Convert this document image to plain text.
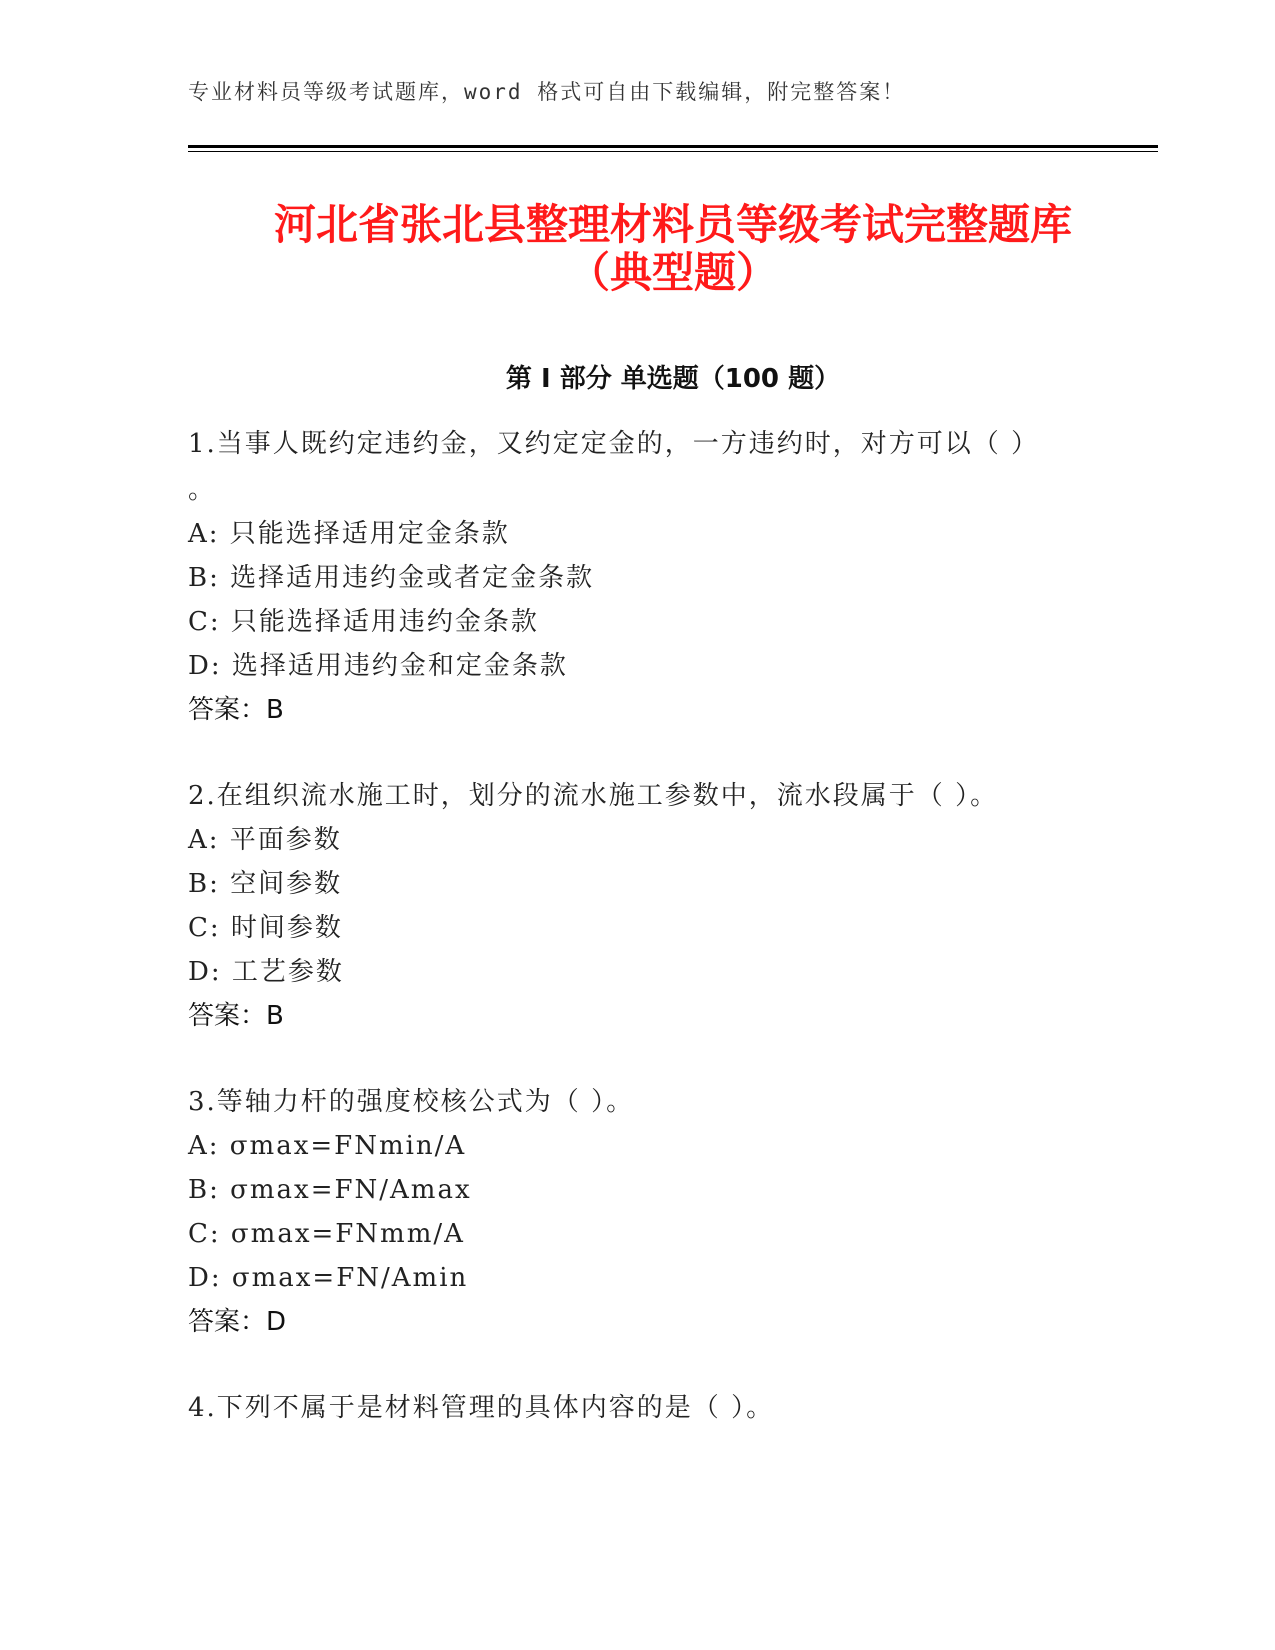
专业材料员等级考试题库，word 格式可自由下载编辑，附完整答案！
河北省张北县整理材料员等级考试完整题库
（典型题）
第 I 部分 单选题（100 题）
1.当事人既约定违约金，又约定定金的，一方违约时，对方可以（ ）
。
A: 只能选择适用定金条款
B: 选择适用违约金或者定金条款
C: 只能选择适用违约金条款
D: 选择适用违约金和定金条款
答案：B
2.在组织流水施工时，划分的流水施工参数中，流水段属于（ ）。
A: 平面参数
B: 空间参数
C: 时间参数
D: 工艺参数
答案：B
3.等轴力杆的强度校核公式为（ ）。
A: σmax=FNmin/A
B: σmax=FN/Amax
C: σmax=FNmm/A
D: σmax=FN/Amin
答案：D
4.下列不属于是材料管理的具体内容的是（ ）。
